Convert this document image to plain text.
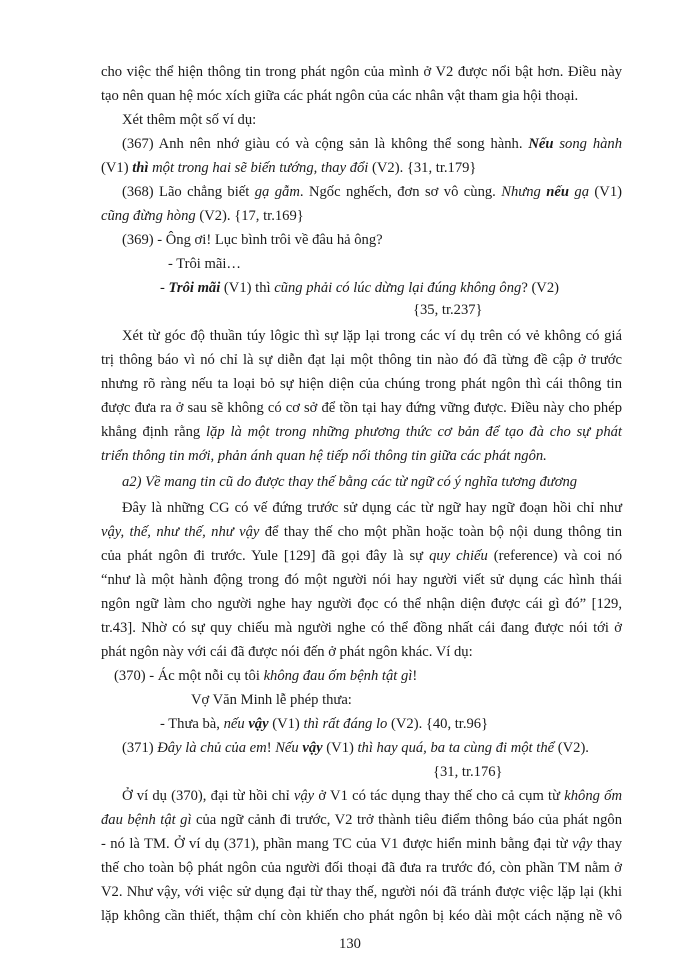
cho việc thể hiện thông tin trong phát ngôn của mình ở V2 được nổi bật hơn. Điều này
tạo nên quan hệ móc xích giữa các phát ngôn của các nhân vật tham gia hội thoại.
Xét thêm một số ví dụ:
(367) Anh nên nhớ giàu có và cộng sản là không thể song hành. Nếu song hành
(V1) thì một trong hai sẽ biến tướng, thay đổi (V2). {31, tr.179}
(368) Lão chẳng biết gạ gẫm. Ngốc nghếch, đơn sơ vô cùng. Nhưng nếu gạ (V1)
cũng đừng hòng (V2). {17, tr.169}
(369) - Ông ơi! Lục bình trôi về đâu hả ông?
- Trôi mãi…
- Trôi mãi (V1) thì cũng phải có lúc dừng lại đúng không ông? (V2)
{35, tr.237}
Xét từ góc độ thuần túy lôgic thì sự lặp lại trong các ví dụ trên có vẻ không có giá
trị thông báo vì nó chỉ là sự diễn đạt lại một thông tin nào đó đã từng đề cập ở trước
nhưng rõ ràng nếu ta loại bỏ sự hiện diện của chúng trong phát ngôn thì cái thông tin
được đưa ra ở sau sẽ không có cơ sở để tồn tại hay đứng vững được. Điều này cho phép
khẳng định rằng lặp là một trong những phương thức cơ bản để tạo đà cho sự phát
triển thông tin mới, phản ánh quan hệ tiếp nối thông tin giữa các phát ngôn.
a2) Về mang tin cũ do được thay thế bằng các từ ngữ có ý nghĩa tương đương
Đây là những CG có vế đứng trước sử dụng các từ ngữ hay ngữ đoạn hồi chỉ như
vậy, thế, như thế, như vậy để thay thế cho một phần hoặc toàn bộ nội dung thông tin
của phát ngôn đi trước. Yule [129] đã gọi đây là sự quy chiếu (reference) và coi nó
“như là một hành động trong đó một người nói hay người viết sử dụng các hình thái
ngôn ngữ làm cho người nghe hay người đọc có thể nhận diện được cái gì đó” [129,
tr.43]. Nhờ có sự quy chiếu mà người nghe có thể đồng nhất cái đang được nói tới ở
phát ngôn này với cái đã được nói đến ở phát ngôn khác. Ví dụ:
(370) - Ác một nỗi cụ tôi không đau ốm bệnh tật gì!
Vợ Văn Minh lễ phép thưa:
- Thưa bà, nếu vậy (V1) thì rất đáng lo (V2). {40, tr.96}
(371) Đây là chủ của em! Nếu vậy (V1) thì hay quá, ba ta cùng đi một thể (V2).
{31, tr.176}
Ở ví dụ (370), đại từ hồi chỉ vậy ở V1 có tác dụng thay thế cho cả cụm từ không ốm
đau bệnh tật gì của ngữ cảnh đi trước, V2 trở thành tiêu điểm thông báo của phát ngôn
- nó là TM. Ở ví dụ (371), phần mang TC của V1 được hiển minh bằng đại từ vậy thay
thế cho toàn bộ phát ngôn của người đối thoại đã đưa ra trước đó, còn phần TM nằm ở
V2. Như vậy, với việc sử dụng đại từ thay thế, người nói đã tránh được việc lặp lại (khi
lặp không cần thiết, thậm chí còn khiến cho phát ngôn bị kéo dài một cách nặng nề vô
130
